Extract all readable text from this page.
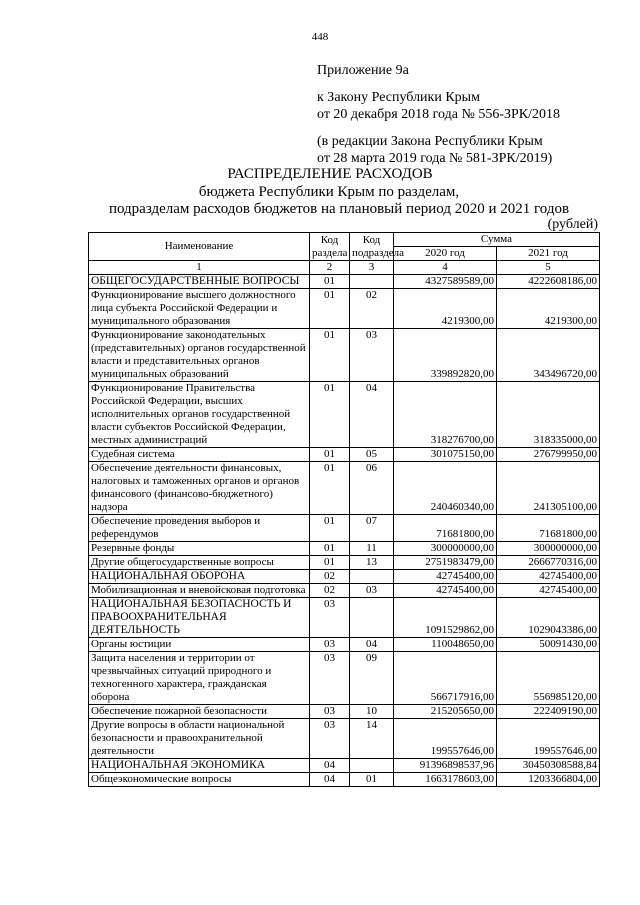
448
Приложение 9а
к Закону Республики Крым
от 20 декабря 2018 года № 556-ЗРК/2018
(в редакции Закона Республики Крым
от 28 марта 2019 года № 581-ЗРК/2019)
РАСПРЕДЕЛЕНИЕ РАСХОДОВ
бюджета Республики Крым по разделам,
подразделам расходов бюджетов на плановый период 2020 и 2021 годов
(рублей)
Наименование	Код раздела	Код подраздела	Сумма	
			2020 год	2021 год
1	2	3	4	5
ОБЩЕГОСУДАРСТВЕННЫЕ ВОПРОСЫ	01		4327589589,00	4222608186,00
Функционирование высшего должностного лица субъекта Российской Федерации и муниципального образования	01	02	4219300,00	4219300,00
Функционирование законодательных (представительных) органов государственной власти и представительных органов муниципальных образований	01	03	339892820,00	343496720,00
Функционирование Правительства Российской Федерации, высших исполнительных органов государственной власти субъектов Российской Федерации, местных администраций	01	04	318276700,00	318335000,00
Судебная система	01	05	301075150,00	276799950,00
Обеспечение деятельности финансовых, налоговых и таможенных органов и органов финансового (финансово-бюджетного) надзора	01	06	240460340,00	241305100,00
Обеспечение проведения выборов и референдумов	01	07	71681800,00	71681800,00
Резервные фонды	01	11	300000000,00	300000000,00
Другие общегосударственные вопросы	01	13	2751983479,00	2666770316,00
НАЦИОНАЛЬНАЯ ОБОРОНА	02		42745400,00	42745400,00
Мобилизационная и вневойсковая подготовка	02	03	42745400,00	42745400,00
НАЦИОНАЛЬНАЯ БЕЗОПАСНОСТЬ И ПРАВООХРАНИТЕЛЬНАЯ ДЕЯТЕЛЬНОСТЬ	03		1091529862,00	1029043386,00
Органы юстиции	03	04	110048650,00	50091430,00
Защита населения и территории от чрезвычайных ситуаций природного и техногенного характера, гражданская оборона	03	09	566717916,00	556985120,00
Обеспечение пожарной безопасности	03	10	215205650,00	222409190,00
Другие вопросы в области национальной безопасности и правоохранительной деятельности	03	14	199557646,00	199557646,00
НАЦИОНАЛЬНАЯ ЭКОНОМИКА	04		91396898537,96	30450308588,84
Общеэкономические вопросы	04	01	1663178603,00	1203366804,00
